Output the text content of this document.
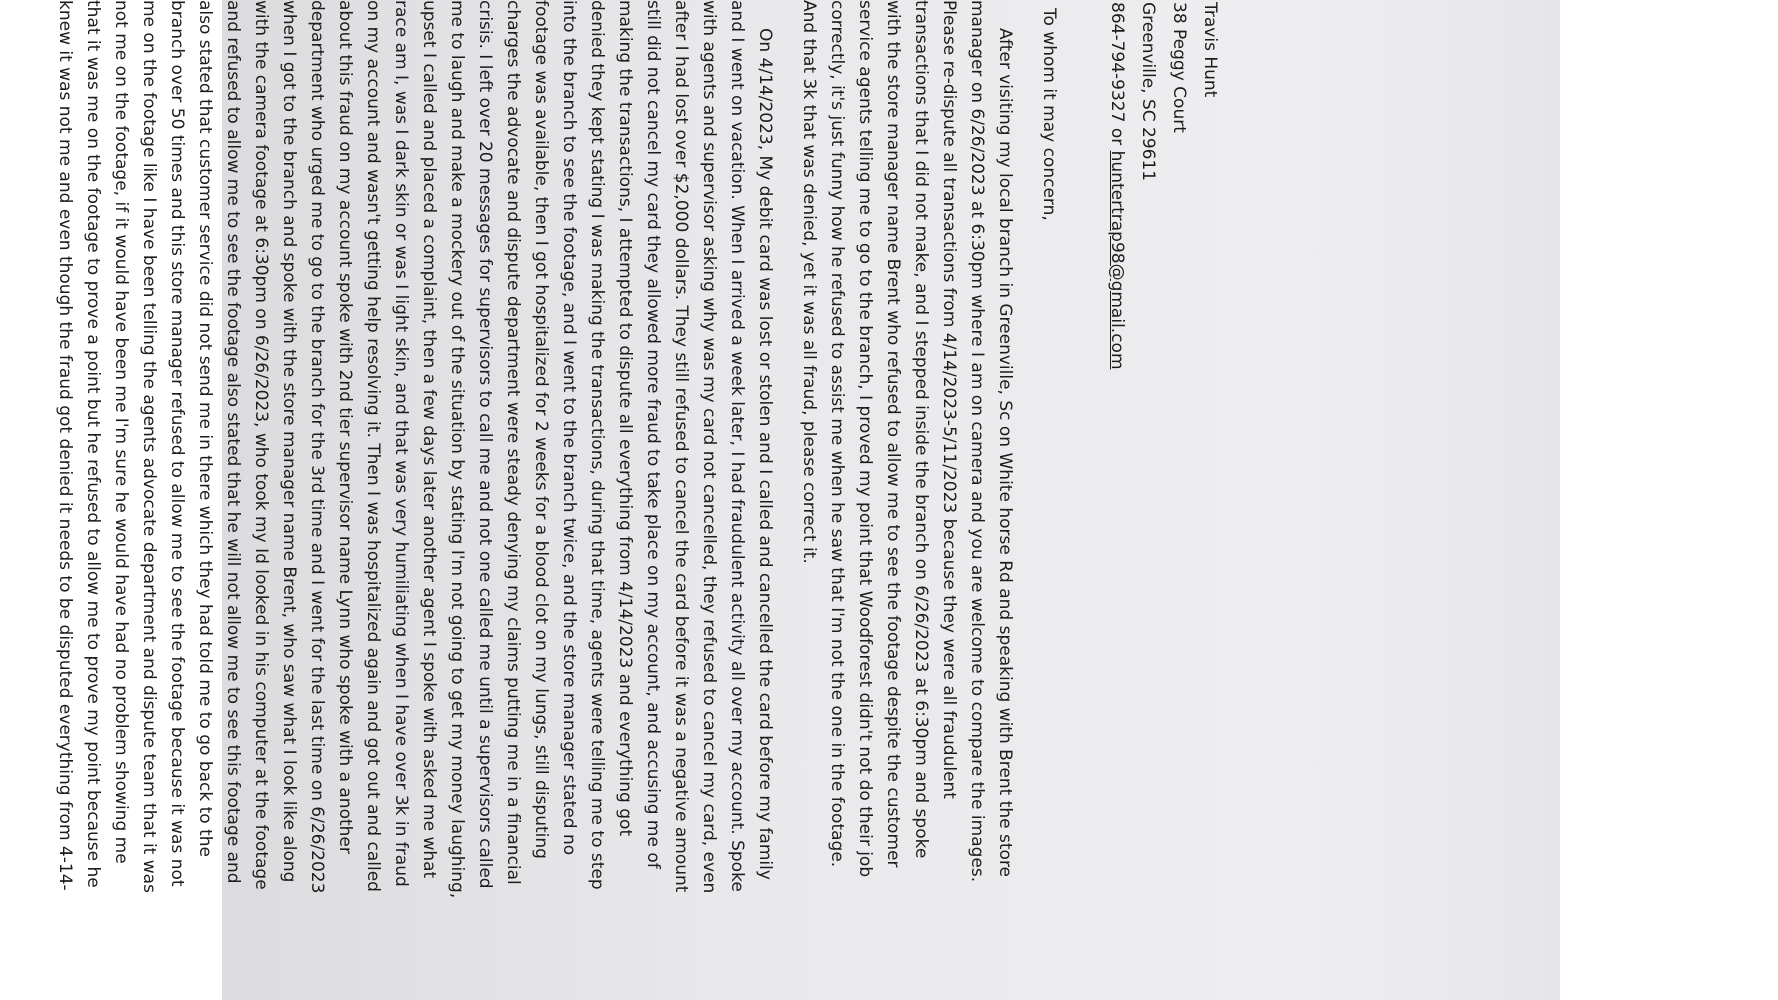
Travis Hunt
38 Peggy Court
Greenville, SC 29611
864-794-9327 or huntertrap98@gmail.com
To whom it may concern,
After visiting my local branch in Greenville, Sc on White horse Rd and speaking with Brent the store
manager on 6/26/2023 at 6:30pm where I am on camera and you are welcome to compare the images.
Please re-dispute all transactions from 4/14/2023-5/11/2023 because they were all fraudulent
transactions that I did not make, and I stepped inside the branch on 6/26/2023 at 6:30pm and spoke
with the store manager name Brent who refused to allow me to see the footage despite the customer
service agents telling me to go to the branch, I proved my point that Woodforest didn't not do their job
correctly, it's just funny how he refused to assist me when he saw that I'm not the one in the footage.
And that 3k that was denied, yet it was all fraud, please correct it.
On 4/14/2023, My debit card was lost or stolen and I called and cancelled the card before my family
and I went on vacation. When I arrived a week later, I had fraudulent activity all over my account. Spoke
with agents and supervisor asking why was my card not cancelled, they refused to cancel my card, even
after I had lost over $2,000 dollars. They still refused to cancel the card before it was a negative amount
still did not cancel my card they allowed more fraud to take place on my account, and accusing me of
making the transactions, I attempted to dispute all everything from 4/14/2023 and everything got
denied they kept stating I was making the transactions, during that time, agents were telling me to step
into the branch to see the footage, and I went to the branch twice, and the store manager stated no
footage was available, then I got hospitalized for 2 weeks for a blood clot on my lungs, still disputing
charges the advocate and dispute department were steady denying my claims putting me in a financial
crisis. I left over 20 messages for supervisors to call me and not one called me until a supervisors called
me to laugh and make a mockery out of the situation by stating I'm not going to get my money laughing,
upset I called and placed a complaint, then a few days later another agent I spoke with asked me what
race am I, was I dark skin or was I light skin, and that was very humiliating when I have over 3k in fraud
on my account and wasn't getting help resolving it. Then I was hospitalized again and got out and called
about this fraud on my account spoke with 2nd tier supervisor name Lynn who spoke with a another
department who urged me to go to the branch for the 3rd time and I went for the last time on 6/26/2023
when I got to the branch and spoke with the store manager name Brent, who saw what I look like along
with the camera footage at 6:30pm on 6/26/2023, who took my Id looked in his computer at the footage
and refused to allow me to see the footage also stated that he will not allow me to see this footage and
also stated that customer service did not send me in there which they had told me to go back to the
branch over 50 times and this store manager refused to allow me to see the footage because it was not
me on the footage like I have been telling the agents advocate department and dispute team that it was
not me on the footage, if it would have been me I'm sure he would have had no problem showing me
that it was me on the footage to prove a point but he refused to allow me to prove my point because he
knew it was not me and even though the fraud got denied it needs to be disputed everything from 4-14-
